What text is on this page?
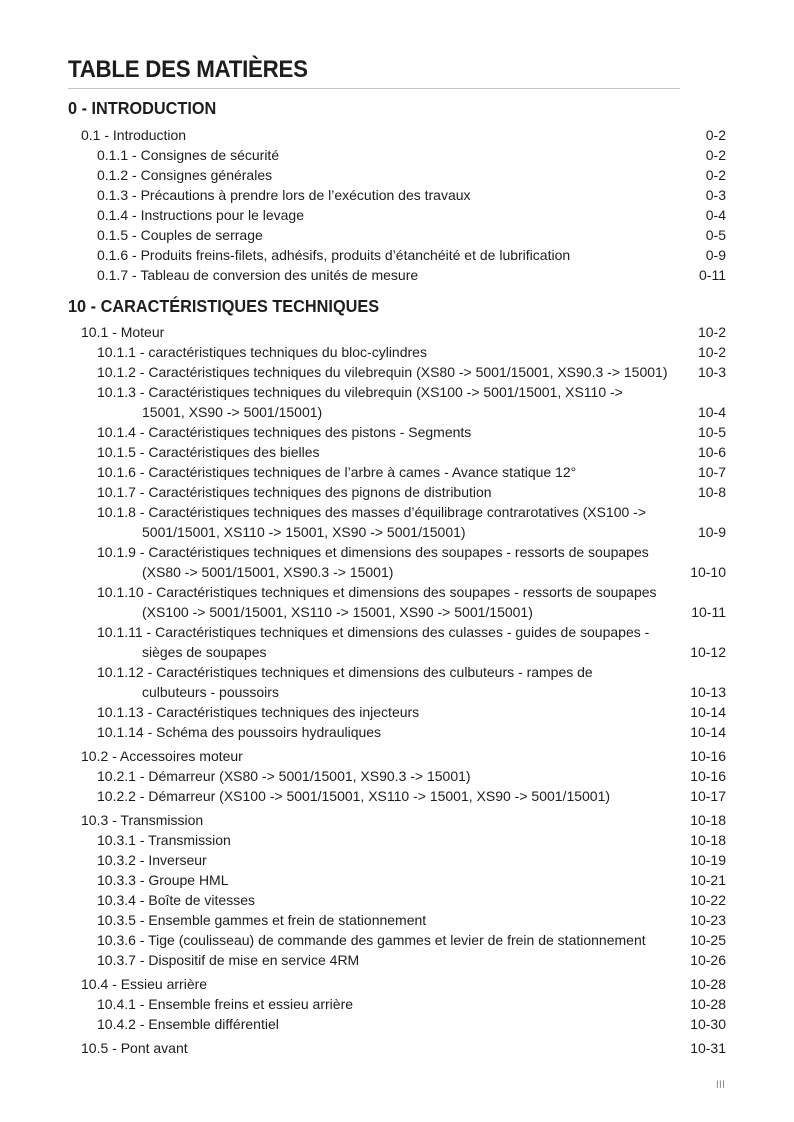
TABLE DES MATIÈRES
0 - INTRODUCTION
0.1 - Introduction	0-2
0.1.1 - Consignes de sécurité	0-2
0.1.2 - Consignes générales	0-2
0.1.3 - Précautions à prendre lors de l’exécution des travaux	0-3
0.1.4 - Instructions pour le levage	0-4
0.1.5 - Couples de serrage	0-5
0.1.6 - Produits freins-filets, adhésifs, produits d’étanchéité et de lubrification	0-9
0.1.7 - Tableau de conversion des unités de mesure	0-11
10 - CARACTÉRISTIQUES TECHNIQUES
10.1 - Moteur	10-2
10.1.1 - caractéristiques techniques du bloc-cylindres	10-2
10.1.2 - Caractéristiques techniques du vilebrequin (XS80 -> 5001/15001, XS90.3 -> 15001)	10-3
10.1.3 - Caractéristiques techniques du vilebrequin (XS100 -> 5001/15001, XS110 -> 15001, XS90 -> 5001/15001)	10-4
10.1.4 - Caractéristiques techniques des pistons - Segments	10-5
10.1.5 - Caractéristiques des bielles	10-6
10.1.6 - Caractéristiques techniques de l’arbre à cames - Avance statique 12°	10-7
10.1.7 - Caractéristiques techniques des pignons de distribution	10-8
10.1.8 - Caractéristiques techniques des masses d’équilibrage contrarotatives (XS100 -> 5001/15001, XS110 -> 15001, XS90 -> 5001/15001)	10-9
10.1.9 - Caractéristiques techniques et dimensions des soupapes - ressorts de soupapes (XS80 -> 5001/15001, XS90.3 -> 15001)	10-10
10.1.10 - Caractéristiques techniques et dimensions des soupapes - ressorts de soupapes (XS100 -> 5001/15001, XS110 -> 15001, XS90 -> 5001/15001)	10-11
10.1.11 - Caractéristiques techniques et dimensions des culasses - guides de soupapes - sièges de soupapes	10-12
10.1.12 - Caractéristiques techniques et dimensions des culbuteurs - rampes de culbuteurs - poussoirs	10-13
10.1.13 - Caractéristiques techniques des injecteurs	10-14
10.1.14 - Schéma des poussoirs hydrauliques	10-14
10.2 - Accessoires moteur	10-16
10.2.1 - Démarreur (XS80 -> 5001/15001, XS90.3 -> 15001)	10-16
10.2.2 - Démarreur (XS100 -> 5001/15001, XS110 -> 15001, XS90 -> 5001/15001)	10-17
10.3 - Transmission	10-18
10.3.1 - Transmission	10-18
10.3.2 - Inverseur	10-19
10.3.3 - Groupe HML	10-21
10.3.4 - Boîte de vitesses	10-22
10.3.5 - Ensemble gammes et frein de stationnement	10-23
10.3.6 - Tige (coulisseau) de commande des gammes et levier de frein de stationnement	10-25
10.3.7 - Dispositif de mise en service 4RM	10-26
10.4 - Essieu arrière	10-28
10.4.1 - Ensemble freins et essieu arrière	10-28
10.4.2 - Ensemble différentiel	10-30
10.5 - Pont avant	10-31
III
